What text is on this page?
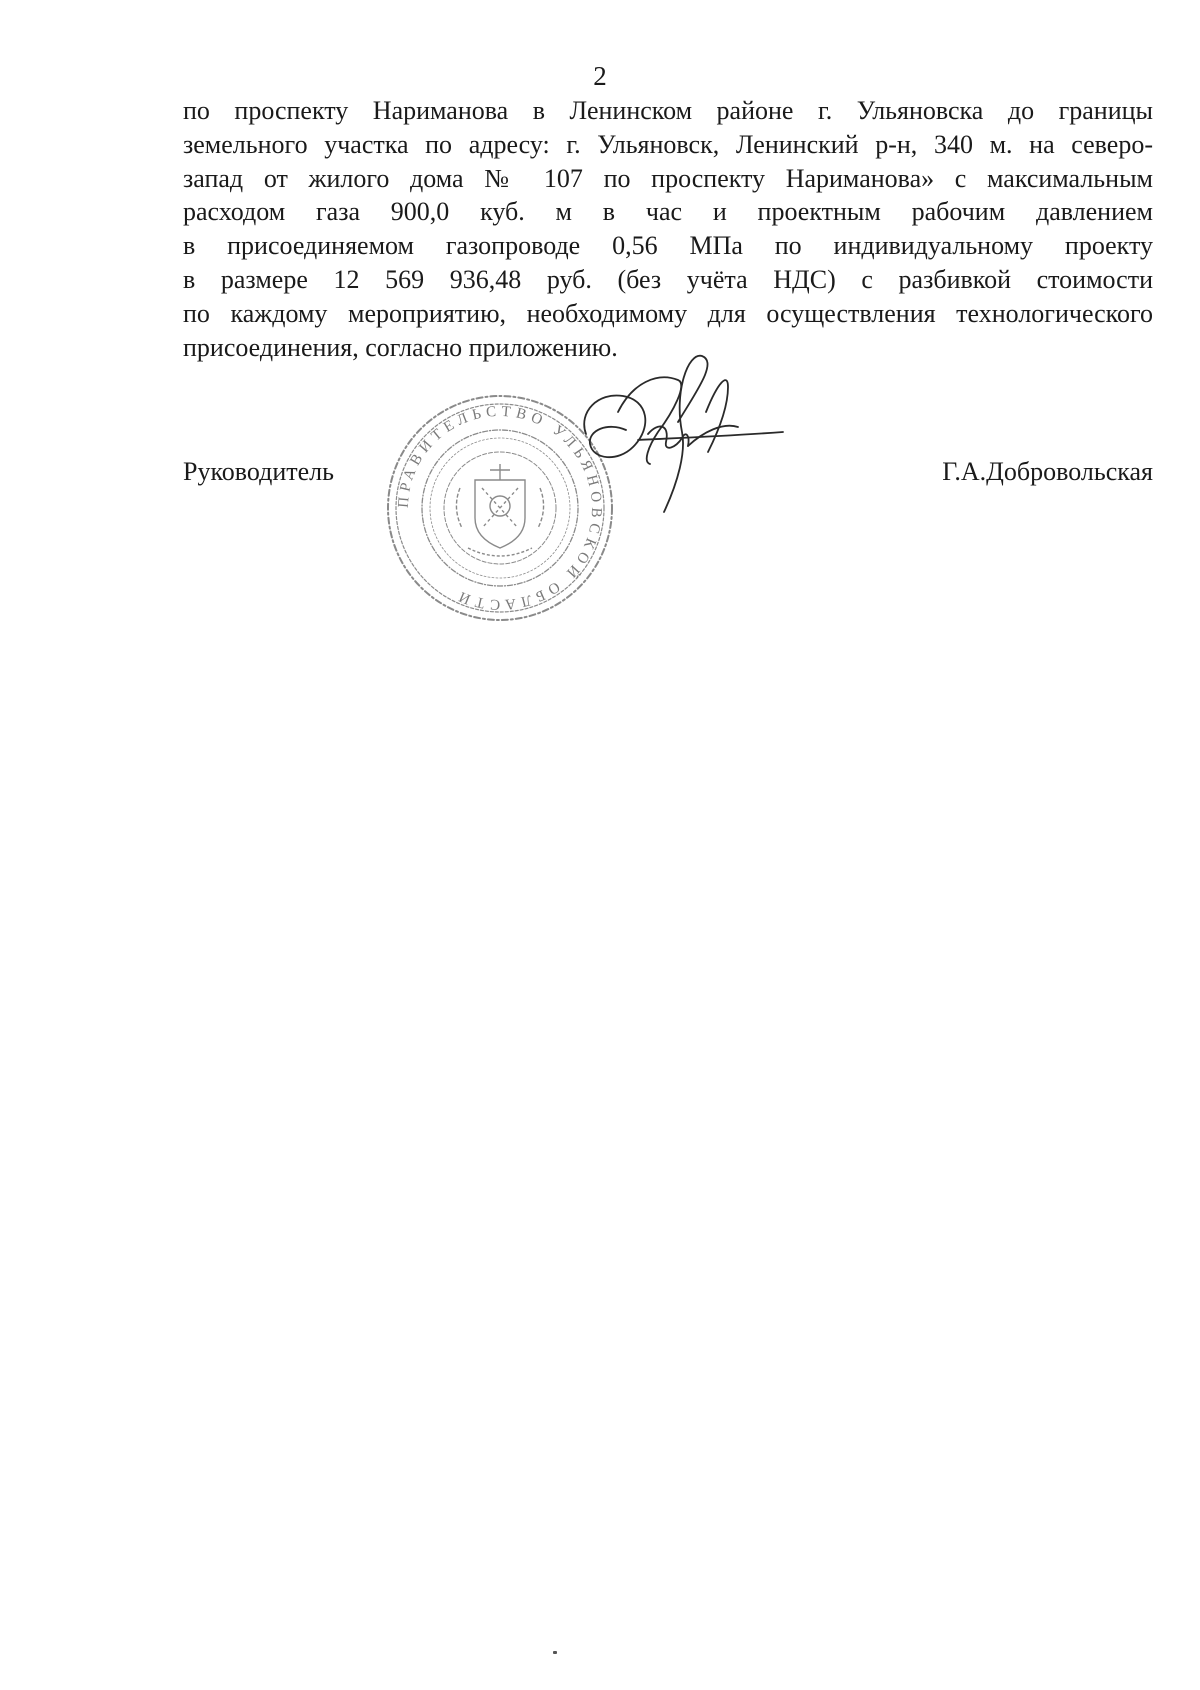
2
по проспекту Нариманова в Ленинском районе г. Ульяновска до границы
земельного участка по адресу: г. Ульяновск, Ленинский р-н, 340 м. на северо-
запад от жилого дома № 107 по проспекту Нариманова» с максимальным
расходом газа 900,0 куб. м в час и проектным рабочим давлением
в присоединяемом газопроводе 0,56 МПа по индивидуальному проекту
в размере 12 569 936,48 руб. (без учёта НДС) с разбивкой стоимости
по каждому мероприятию, необходимому для осуществления технологического
присоединения, согласно приложению.
ПРАВИТЕЛЬСТВО УЛЬЯНОВСКОЙ ОБЛАСТИ
Руководитель	Г.А.Добровольская
